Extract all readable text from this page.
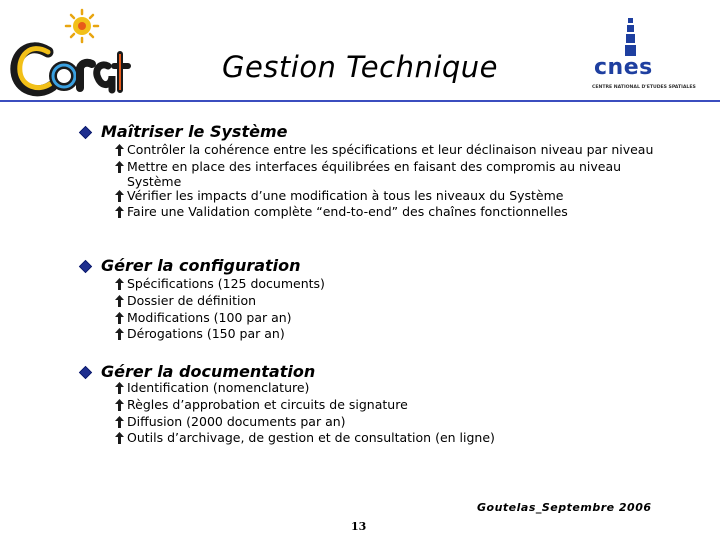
Coraf
cnes
CENTRE NATIONAL D'ETUDES SPATIALES
Gestion Technique
Maîtriser le Système
Contrôler la cohérence entre les spécifications et leur déclinaison niveau par niveau
Mettre en place des interfaces équilibrées en faisant des compromis au niveau
Système
Vérifier les impacts d’une modification à tous les niveaux du Système
Faire une Validation complète “end-to-end” des chaînes fonctionnelles
Gérer la configuration
Spécifications (125 documents)
Dossier de définition
Modifications (100 par an)
Dérogations (150 par an)
Gérer la documentation
Identification (nomenclature)
Règles d’approbation et circuits de signature
Diffusion (2000 documents par an)
Outils d’archivage, de gestion et de consultation (en ligne)
Goutelas_Septembre 2006
13
